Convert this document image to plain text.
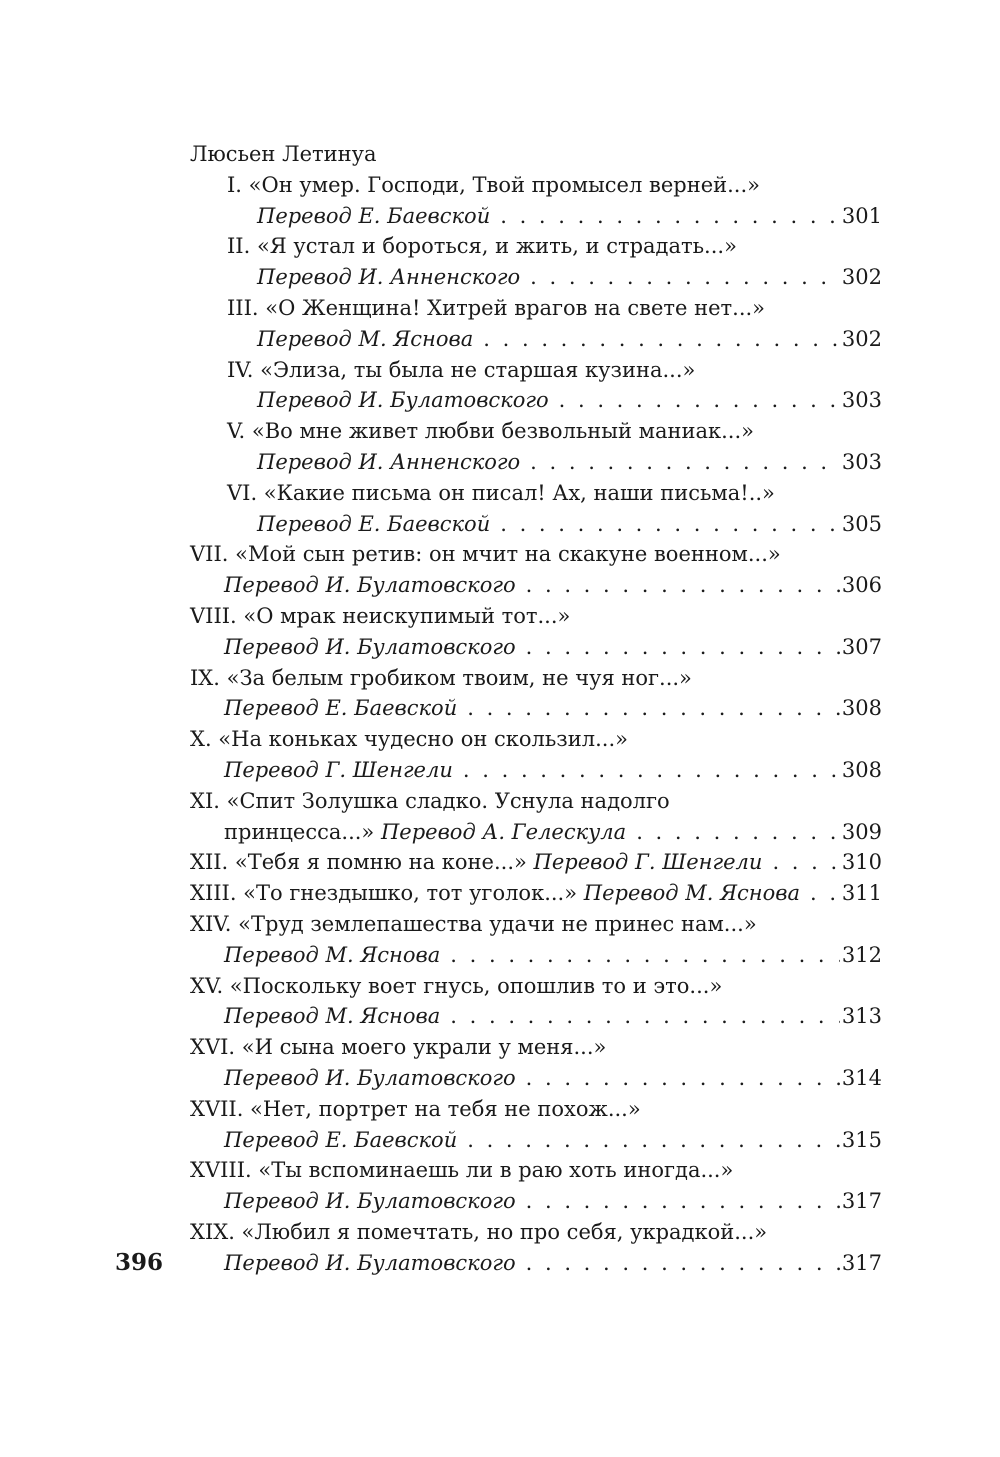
Люсьен Летинуа
I. «Он умер. Господи, Твой промысел верней...»
Перевод Е. Баевской . . .	301
II. «Я устал и бороться, и жить, и страдать...»
Перевод И. Анненского . . .	302
III. «О Женщина! Хитрей врагов на свете нет...»
Перевод М. Яснова . . .	302
IV. «Элиза, ты была не старшая кузина...»
Перевод И. Булатовского . . .	303
V. «Во мне живет любви безвольный маниак...»
Перевод И. Анненского . . .	303
VI. «Какие письма он писал! Ах, наши письма!..»
Перевод Е. Баевской . . .	305
VII. «Мой сын ретив: он мчит на скакуне военном...»
Перевод И. Булатовского . . .	306
VIII. «О мрак неискупимый тот...»
Перевод И. Булатовского . . .	307
IX. «За белым гробиком твоим, не чуя ног...»
Перевод Е. Баевской . . .	308
X. «На коньках чудесно он скользил...»
Перевод Г. Шенгели . . .	308
XI. «Спит Золушка сладко. Уснула надолго
принцесса...»
Перевод А. Гелескула . . .	309
XII. «Тебя я помню на коне...»
Перевод Г. Шенгели . . .	310
XIII. «То гнездышко, тот уголок...»
Перевод М. Яснова . . . 311
XIV. «Труд землепашества удачи не принес нам...»
Перевод М. Яснова . . .	312
XV. «Поскольку воет гнусь, опошлив то и это...»
Перевод М. Яснова . . .	313
XVI. «И сына моего украли у меня...»
Перевод И. Булатовского . . .	314
XVII. «Нет, портрет на тебя не похож...»
Перевод Е. Баевской . . .	315
XVIII. «Ты вспоминаешь ли в раю хоть иногда...»
Перевод И. Булатовского . . .	317
XIX. «Любил я помечтать, но про себя, украдкой...»
Перевод И. Булатовского . . .	317
396
